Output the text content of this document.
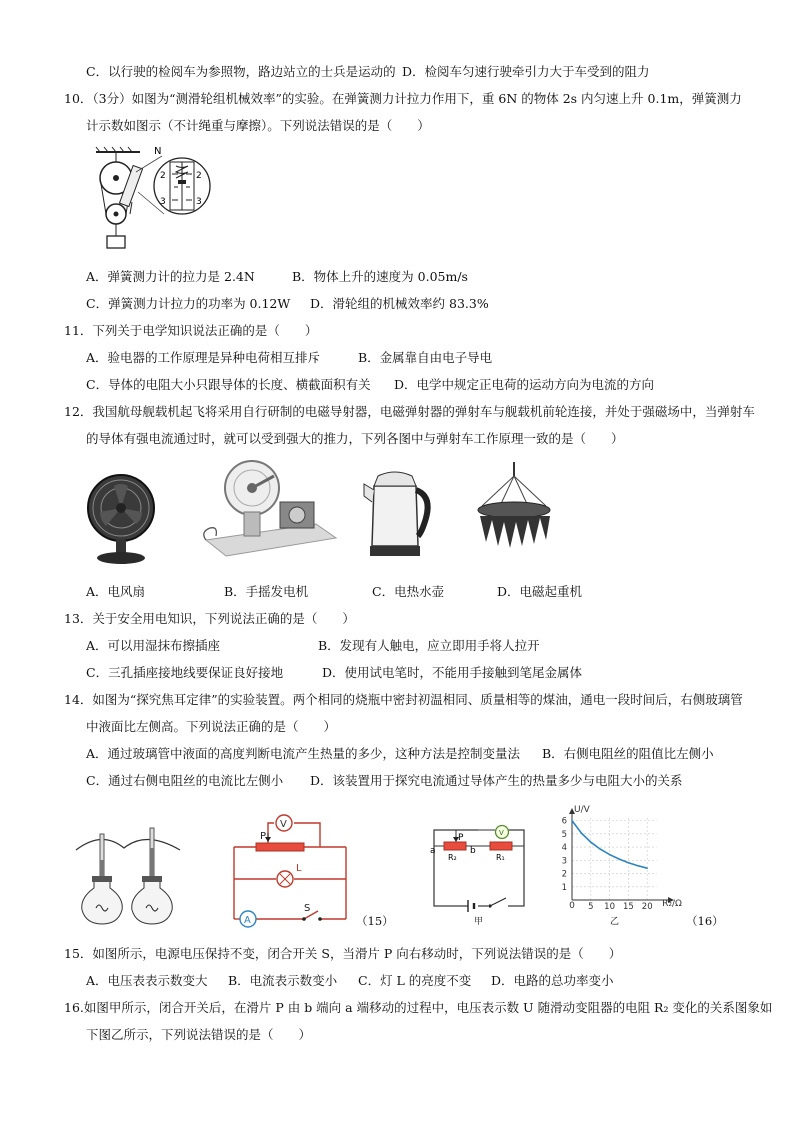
C．以行驶的检阅车为参照物，路边站立的士兵是运动的 D．检阅车匀速行驶牵引力大于车受到的阻力
10．（3分）如图为“测滑轮组机械效率”的实验。在弹簧测力计拉力作用下，重 6N 的物体 2s 内匀速上升 0.1m，弹簧测力
计示数如图示（不计绳重与摩擦）。下列说法错误的是（　　）
N
2	2
3	3
A．弹簧测力计的拉力是 2.4N	B．物体上升的速度为 0.05m/s
C．弹簧测力计拉力的功率为 0.12W D．滑轮组的机械效率约 83.3%
11．下列关于电学知识说法正确的是（　　）
A．验电器的工作原理是异种电荷相互排斥	B．金属靠自由电子导电
C．导体的电阻大小只跟导体的长度、横截面积有关 D．电学中规定正电荷的运动方向为电流的方向
12．我国航母舰载机起飞将采用自行研制的电磁导射器，电磁弹射器的弹射车与舰载机前轮连接，并处于强磁场中，当弹射车
的导体有强电流通过时，就可以受到强大的推力，下列各图中与弹射车工作原理一致的是（　　）
A．电风扇	B．手摇发电机	C．电热水壶	D．电磁起重机
13．关于安全用电知识，下列说法正确的是（　　）
A．可以用湿抹布擦插座	B．发现有人触电，应立即用手将人拉开
C．三孔插座接地线要保证良好接地	D．使用试电笔时，不能用手接触到笔尾金属体
14．如图为“探究焦耳定律”的实验装置。两个相同的烧瓶中密封初温相同、质量相等的煤油，通电一段时间后，右侧玻璃管
中液面比左侧高。下列说法正确的是（　　）
A．通过玻璃管中液面的高度判断电流产生热量的多少，这种方法是控制变量法 B．右侧电阻丝的阻值比左侧小
C．通过右侧电阻丝的电流比左侧小 D．该装置用于探究电流通过导体产生的热量多少与电阻大小的关系
V
P
L
A
S
（15）
a	b
P
R₂	R₁
V
甲
1
2
3
4
5
6
5 10 15 20
U/V
R₂/Ω
0
乙	（16）
15．如图所示，电源电压保持不变，闭合开关 S，当滑片 P 向右移动时，下列说法错误的是（　　）
A．电压表表示数变大 B．电流表示数变小 C．灯 L 的亮度不变 D．电路的总功率变小
16.如图甲所示，闭合开关后，在滑片 P 由 b 端向 a 端移动的过程中，电压表示数 U 随滑动变阻器的电阻 R₂ 变化的关系图象如
下图乙所示，下列说法错误的是（　　）
